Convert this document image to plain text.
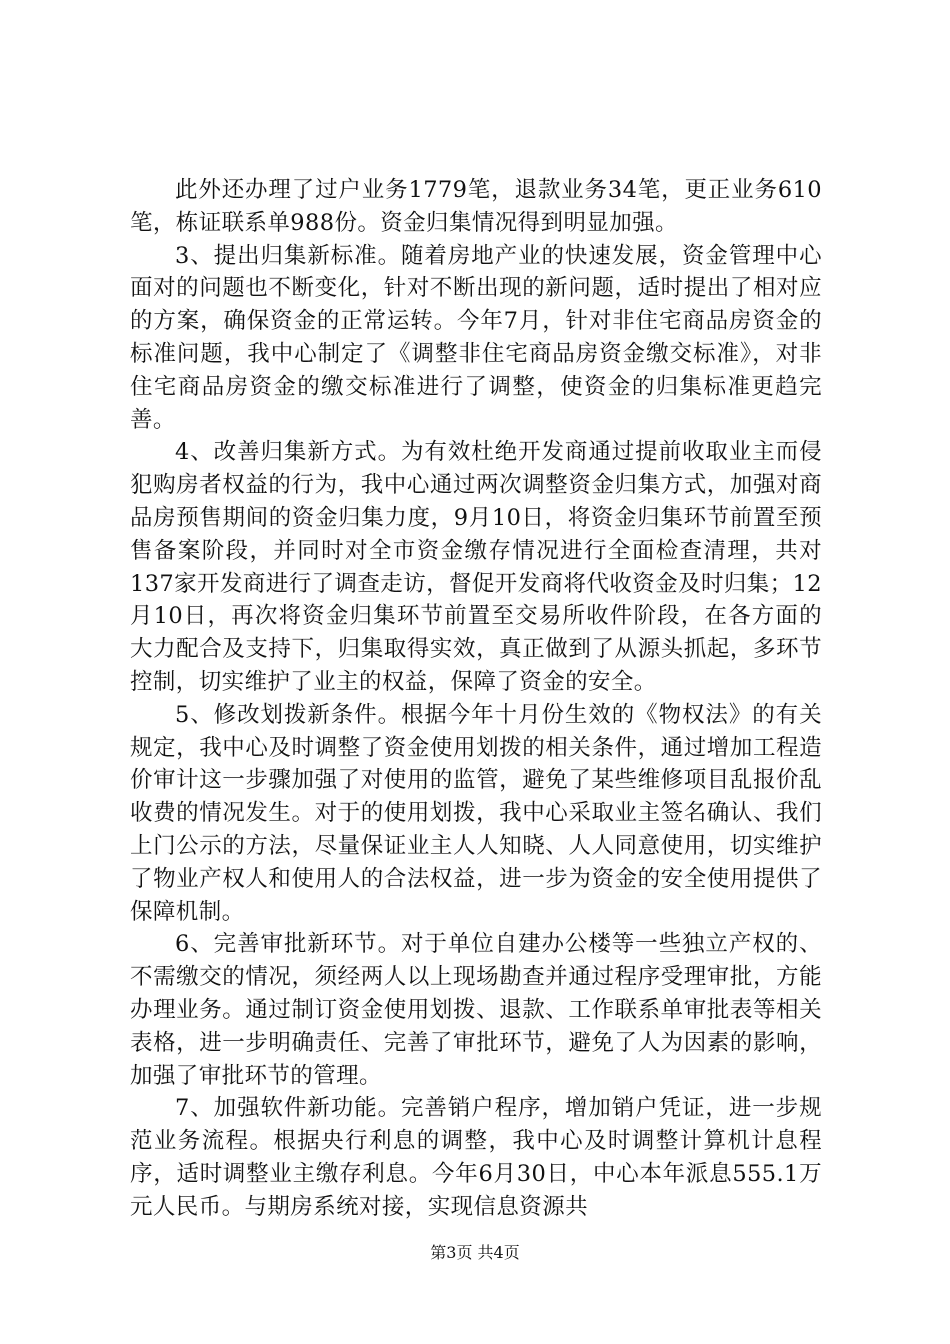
此外还办理了过户业务1779笔，退款业务34笔，更正业务610笔，栋证联系单988份。资金归集情况得到明显加强。

3、提出归集新标准。随着房地产业的快速发展，资金管理中心面对的问题也不断变化，针对不断出现的新问题，适时提出了相对应的方案，确保资金的正常运转。今年7月，针对非住宅商品房资金的标准问题，我中心制定了《调整非住宅商品房资金缴交标准》，对非住宅商品房资金的缴交标准进行了调整，使资金的归集标准更趋完善。

4、改善归集新方式。为有效杜绝开发商通过提前收取业主而侵犯购房者权益的行为，我中心通过两次调整资金归集方式，加强对商品房预售期间的资金归集力度，9月10日，将资金归集环节前置至预售备案阶段，并同时对全市资金缴存情况进行全面检查清理，共对137家开发商进行了调查走访，督促开发商将代收资金及时归集；12月10日，再次将资金归集环节前置至交易所收件阶段，在各方面的大力配合及支持下，归集取得实效，真正做到了从源头抓起，多环节控制，切实维护了业主的权益，保障了资金的安全。

5、修改划拨新条件。根据今年十月份生效的《物权法》的有关规定，我中心及时调整了资金使用划拨的相关条件，通过增加工程造价审计这一步骤加强了对使用的监管，避免了某些维修项目乱报价乱收费的情况发生。对于的使用划拨，我中心采取业主签名确认、我们上门公示的方法，尽量保证业主人人知晓、人人同意使用，切实维护了物业产权人和使用人的合法权益，进一步为资金的安全使用提供了保障机制。

6、完善审批新环节。对于单位自建办公楼等一些独立产权的、不需缴交的情况，须经两人以上现场勘查并通过程序受理审批，方能办理业务。通过制订资金使用划拨、退款、工作联系单审批表等相关表格，进一步明确责任、完善了审批环节，避免了人为因素的影响，加强了审批环节的管理。

7、加强软件新功能。完善销户程序，增加销户凭证，进一步规范业务流程。根据央行利息的调整，我中心及时调整计算机计息程序，适时调整业主缴存利息。今年6月30日，中心本年派息555.1万元人民币。与期房系统对接，实现信息资源共

第3页 共4页
